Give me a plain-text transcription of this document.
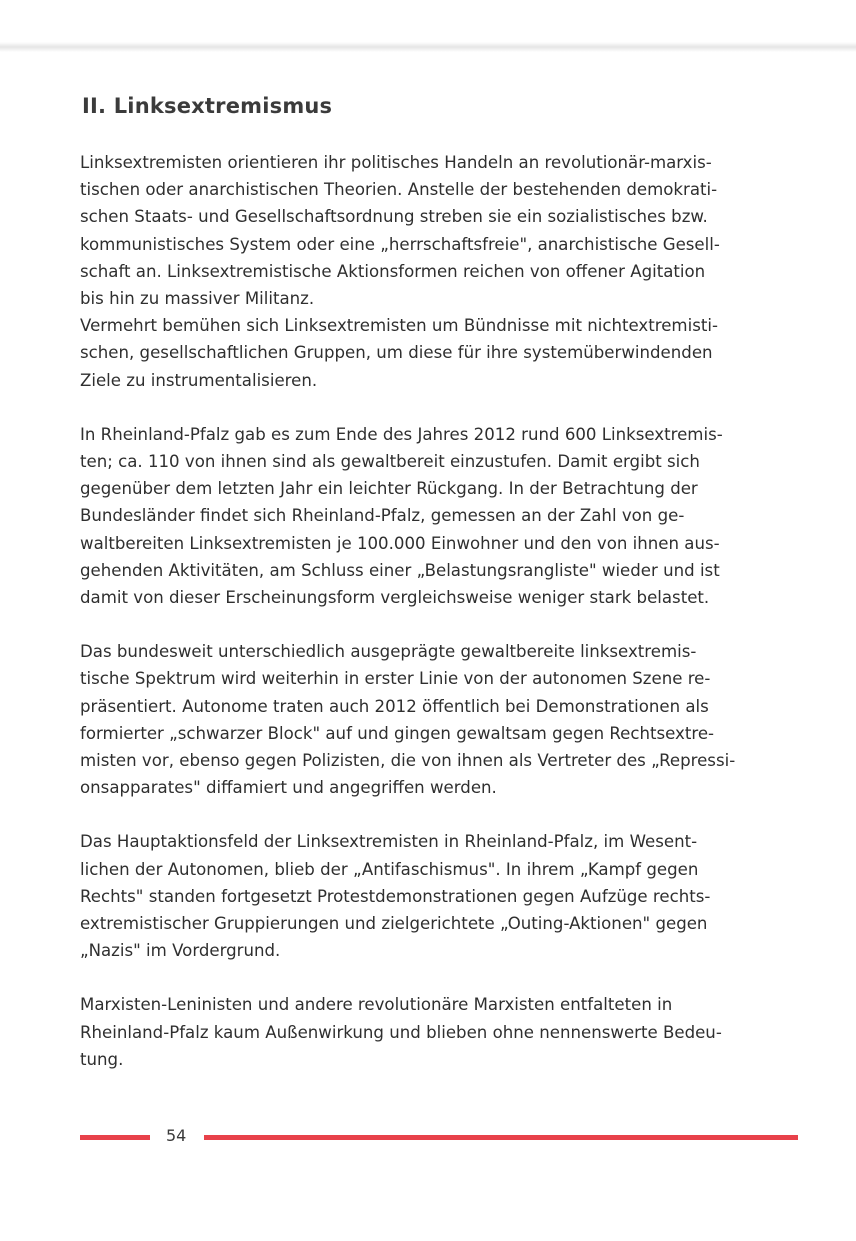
II. Linksextremismus

Linksextremisten orientieren ihr politisches Handeln an revolutionär-marxis-
tischen oder anarchistischen Theorien. Anstelle der bestehenden demokrati-
schen Staats- und Gesellschaftsordnung streben sie ein sozialistisches bzw.
kommunistisches System oder eine „herrschaftsfreie", anarchistische Gesell-
schaft an. Linksextremistische Aktionsformen reichen von offener Agitation
bis hin zu massiver Militanz.
Vermehrt bemühen sich Linksextremisten um Bündnisse mit nichtextremisti-
schen, gesellschaftlichen Gruppen, um diese für ihre systemüberwindenden
Ziele zu instrumentalisieren.

In Rheinland-Pfalz gab es zum Ende des Jahres 2012 rund 600 Linksextremis-
ten; ca. 110 von ihnen sind als gewaltbereit einzustufen. Damit ergibt sich
gegenüber dem letzten Jahr ein leichter Rückgang. In der Betrachtung der
Bundesländer findet sich Rheinland-Pfalz, gemessen an der Zahl von ge-
waltbereiten Linksextremisten je 100.000 Einwohner und den von ihnen aus-
gehenden Aktivitäten, am Schluss einer „Belastungsrangliste" wieder und ist
damit von dieser Erscheinungsform vergleichsweise weniger stark belastet.

Das bundesweit unterschiedlich ausgeprägte gewaltbereite linksextremis-
tische Spektrum wird weiterhin in erster Linie von der autonomen Szene re-
präsentiert. Autonome traten auch 2012 öffentlich bei Demonstrationen als
formierter „schwarzer Block" auf und gingen gewaltsam gegen Rechtsextre-
misten vor, ebenso gegen Polizisten, die von ihnen als Vertreter des „Repressi-
onsapparates" diffamiert und angegriffen werden.

Das Hauptaktionsfeld der Linksextremisten in Rheinland-Pfalz, im Wesent-
lichen der Autonomen, blieb der „Antifaschismus". In ihrem „Kampf gegen
Rechts" standen fortgesetzt Protestdemonstrationen gegen Aufzüge rechts-
extremistischer Gruppierungen und zielgerichtete „Outing-Aktionen" gegen
„Nazis" im Vordergrund.

Marxisten-Leninisten und andere revolutionäre Marxisten entfalteten in
Rheinland-Pfalz kaum Außenwirkung und blieben ohne nennenswerte Bedeu-
tung.

54
